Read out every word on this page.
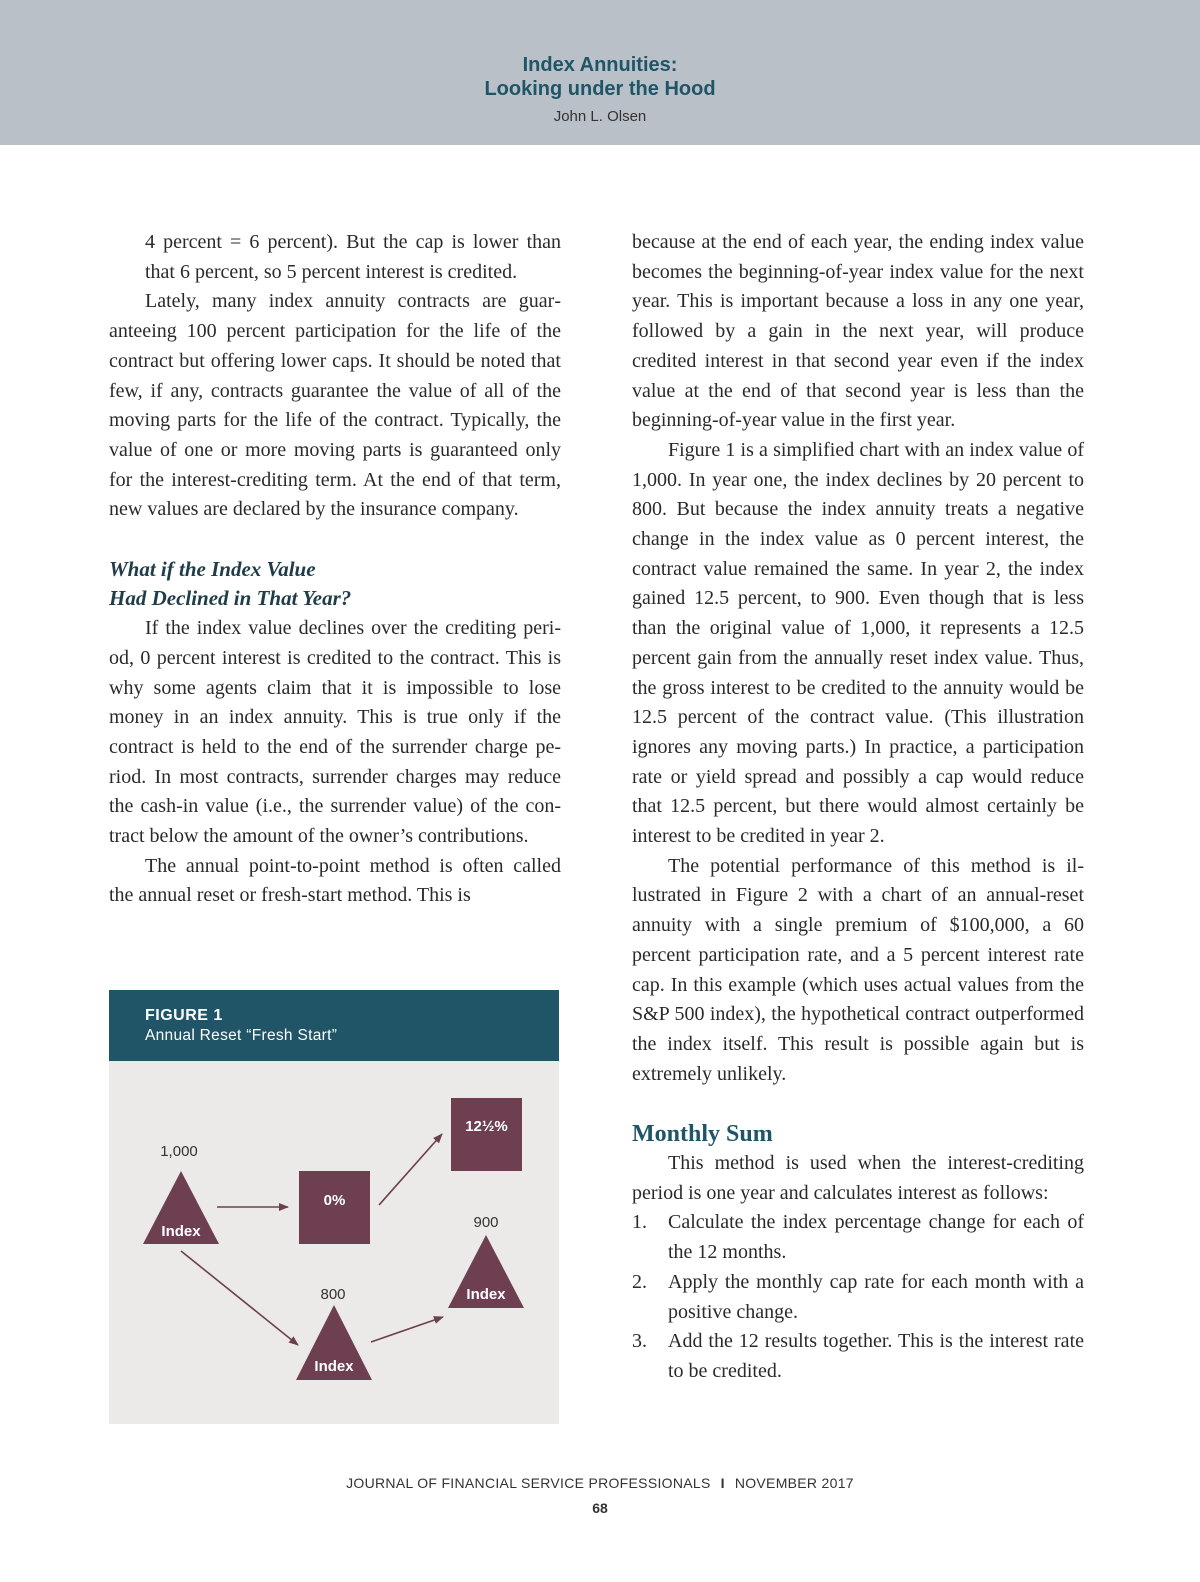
Index Annuities:
Looking under the Hood
John L. Olsen

4 percent = 6 percent). But the cap is lower than that 6 percent, so 5 percent interest is credited.

Lately, many index annuity contracts are guaranteeing 100 percent participation for the life of the contract but offering lower caps. It should be noted that few, if any, contracts guarantee the value of all of the moving parts for the life of the contract. Typically, the value of one or more moving parts is guaranteed only for the interest-crediting term. At the end of that term, new values are declared by the insurance company.

What if the Index Value

Had Declined in That Year?

If the index value declines over the crediting period, 0 percent interest is credited to the contract. This is why some agents claim that it is impossible to lose money in an index annuity. This is true only if the contract is held to the end of the surrender charge period. In most contracts, surrender charges may reduce the cash-in value (i.e., the surrender value) of the contract below the amount of the owner’s contributions.

The annual point-to-point method is often called the annual reset or fresh-start method. This is

FIGURE 1
Annual Reset “Fresh Start”
1,000
Index
0%
800
Index
900
Index
12½%

because at the end of each year, the ending index value becomes the beginning-of-year index value for the next year. This is important because a loss in any one year, followed by a gain in the next year, will produce credited interest in that second year even if the index value at the end of that second year is less than the beginning-of-year value in the first year.

Figure 1 is a simplified chart with an index value of 1,000. In year one, the index declines by 20 percent to 800. But because the index annuity treats a negative change in the index value as 0 percent interest, the contract value remained the same. In year 2, the index gained 12.5 percent, to 900. Even though that is less than the original value of 1,000, it represents a 12.5 percent gain from the annually reset index value. Thus, the gross interest to be credited to the annuity would be 12.5 percent of the contract value. (This illustration ignores any moving parts.) In practice, a participation rate or yield spread and possibly a cap would reduce that 12.5 percent, but there would almost certainly be interest to be credited in year 2.

The potential performance of this method is illustrated in Figure 2 with a chart of an annual-reset annuity with a single premium of $100,000, a 60 percent participation rate, and a 5 percent interest rate cap. In this example (which uses actual values from the S&P 500 index), the hypothetical contract outperformed the index itself. This result is possible again but is extremely unlikely.

Monthly Sum

This method is used when the interest-crediting period is one year and calculates interest as follows:

1. Calculate the index percentage change for each of the 12 months.
2. Apply the monthly cap rate for each month with a positive change.
3. Add the 12 results together. This is the interest rate to be credited.
JOURNAL OF FINANCIAL SERVICE PROFESSIONALS I NOVEMBER 2017
68
